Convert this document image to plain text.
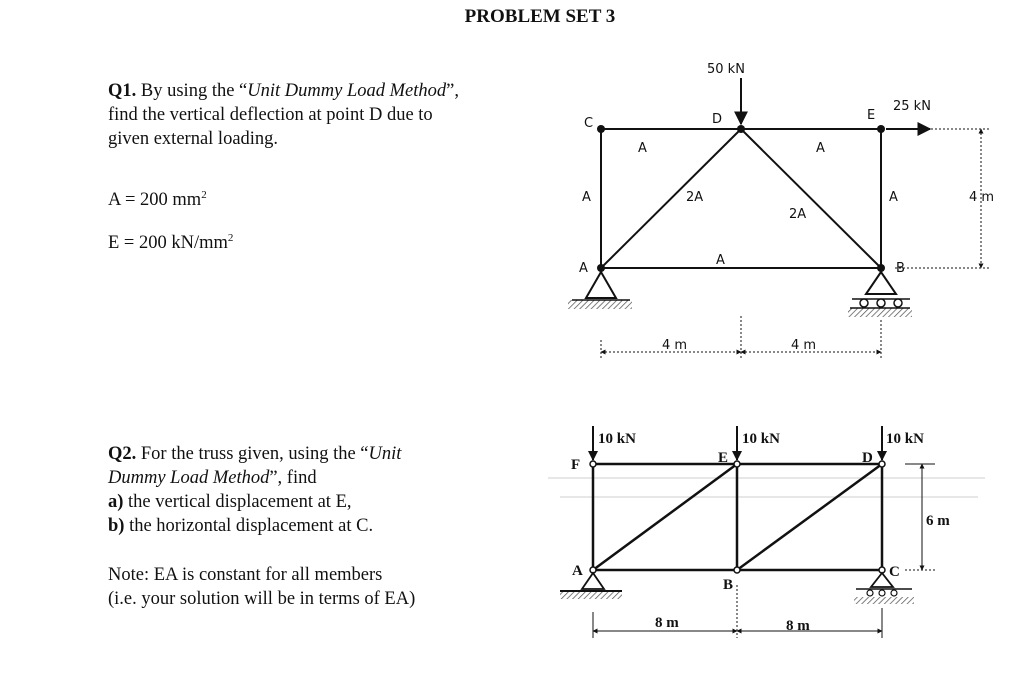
PROBLEM SET 3
Q1. By using the “Unit Dummy Load Method”,
find the vertical deflection at point D due to
given external loading.
A = 200 $mm^2$
E = 200 $kN/mm^2$
Q2. For the truss given, using the “Unit
Dummy Load Method”, find
a) the vertical displacement at E,
b) the horizontal displacement at C.
Note: EA is constant for all members
(i.e. your solution will be in terms of EA)
50 kN
25 kN
C	D	E
A	B
A	A
A	A
A
2A
2A
4 m	4 m
4 m
10 kN	10 kN	10 kN
F	E	D
A
B
C
8 m	8 m
6 m
